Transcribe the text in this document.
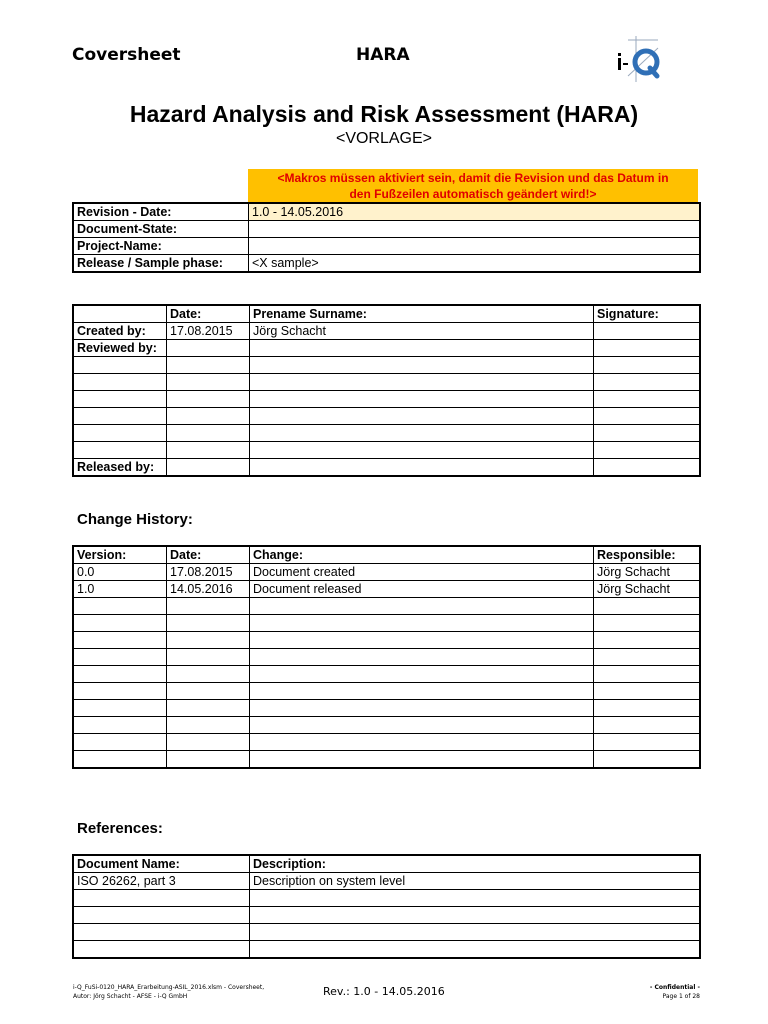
Coversheet	HARA
Hazard Analysis and Risk Assessment (HARA)
<VORLAGE>
<Makros müssen aktiviert sein, damit die Revision und das Datum in
den Fußzeilen automatisch geändert wird!>
Revision - Date:	1.0 - 14.05.2016
Document-State:	
Project-Name:	
Release / Sample phase:	<X sample>
	Date:	Prename Surname:	Signature:
Created by:	17.08.2015	Jörg Schacht	
Reviewed by:			

Released by:			
Change History:
Version:	Date:	Change:	Responsible:
0.0	17.08.2015	Document created	Jörg Schacht
1.0	14.05.2016	Document released	Jörg Schacht

References:
Document Name:	Description:
ISO 26262, part 3	Description on system level

i-Q_FuSi-0120_HARA_Erarbeitung-ASIL_2016.xlsm - Coversheet,
Autor: Jörg Schacht - AFSE - i-Q GmbH	Rev.: 1.0 - 14.05.2016	- Confidential -
Page 1 of 28
